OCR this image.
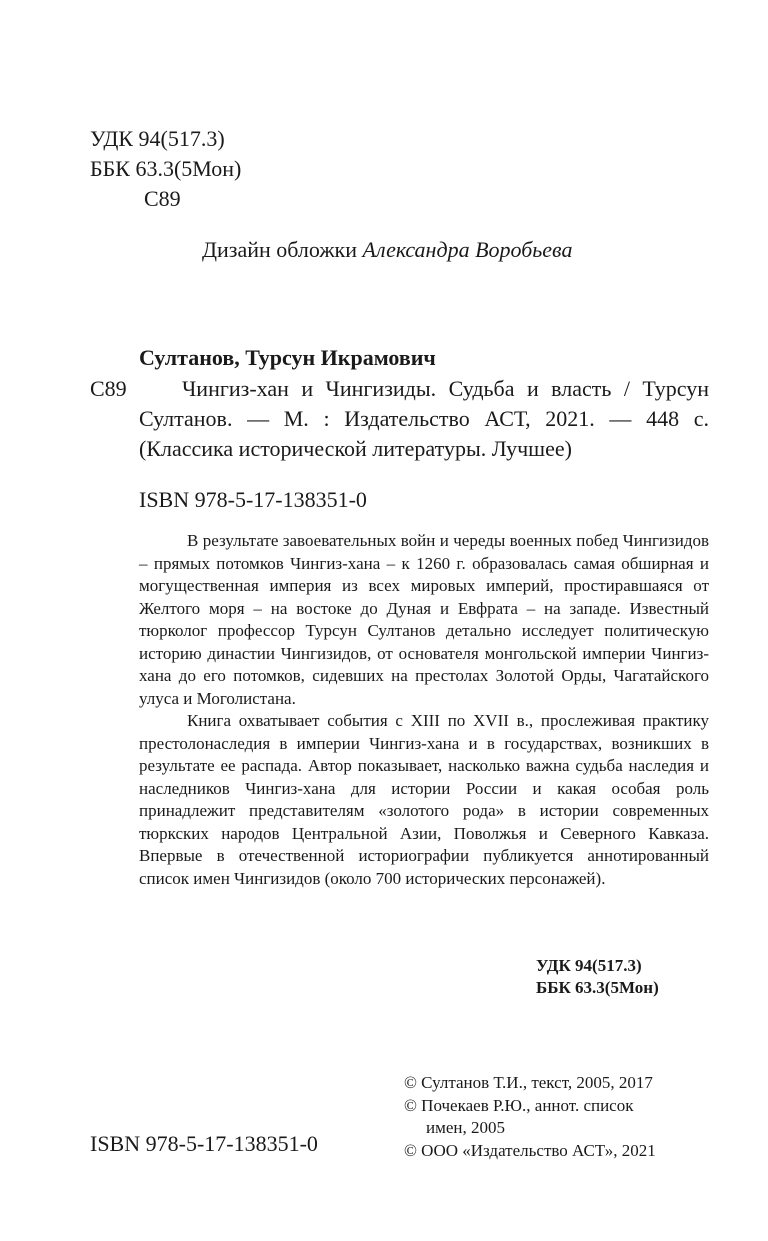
УДК 94(517.3)
ББК 63.3(5Мон)
С89
Дизайн обложки Александра Воробьева
Султанов, Турсун Икрамович
С89	Чингиз-хан и Чингизиды. Судьба и власть / Турсун Султанов. — М. : Издательство АСТ, 2021. — 448 с. (Классика исторической литературы. Лучшее)
ISBN 978-5-17-138351-0

В результате завоевательных войн и череды военных побед Чингизидов – прямых потомков Чингиз-хана – к 1260 г. образовалась самая обширная и могущественная империя из всех мировых империй, простиравшаяся от Желтого моря – на востоке до Дуная и Евфрата – на западе. Известный тюрколог профессор Турсун Султанов детально исследует политическую историю династии Чингизидов, от основателя монгольской империи Чингиз-хана до его потомков, сидевших на престолах Золотой Орды, Чагатайского улуса и Моголистана.

Книга охватывает события с XIII по XVII в., прослеживая практику престолонаследия в империи Чингиз-хана и в государствах, возникших в результате ее распада. Автор показывает, насколько важна судьба наследия и наследников Чингиз-хана для истории России и какая особая роль принадлежит представителям «золотого рода» в истории современных тюркских народов Центральной Азии, Поволжья и Северного Кавказа. Впервые в отечественной историографии публикуется аннотированный список имен Чингизидов (около 700 исторических персонажей).

УДК 94(517.3)
ББК 63.3(5Мон)
ISBN 978-5-17-138351-0
© Султанов Т.И., текст, 2005, 2017
© Почекаев Р.Ю., аннот. список
имен, 2005
© ООО «Издательство АСТ», 2021
